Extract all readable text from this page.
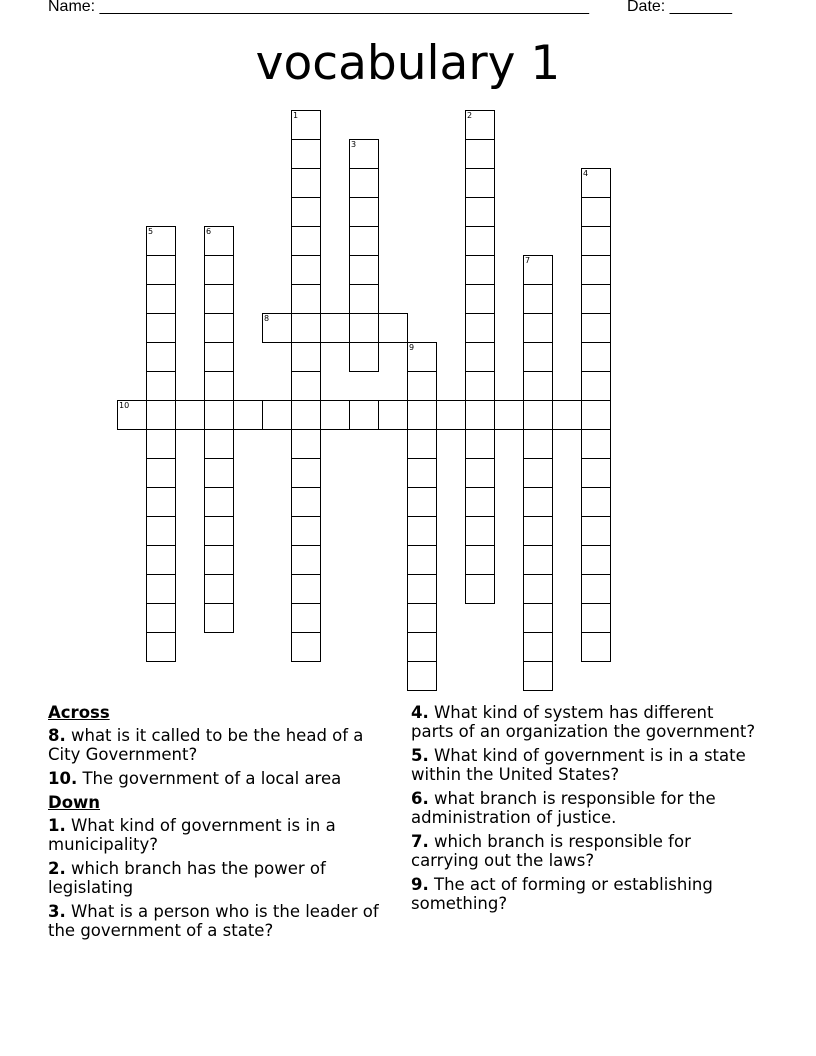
Name: _______________________________________________________ Date: _______
vocabulary 1
1	2
3
4
5	6
7
8
9
10
Across
8. what is it called to be the head of a City Government?
10. The government of a local area
Down
1. What kind of government is in a municipality?
2. which branch has the power of legislating
3. What is a person who is the leader of the government of a state?
4. What kind of system has different parts of an organization the government?
5. What kind of government is in a state within the United States?
6. what branch is responsible for the administration of justice.
7. which branch is responsible for carrying out the laws?
9. The act of forming or establishing something?
